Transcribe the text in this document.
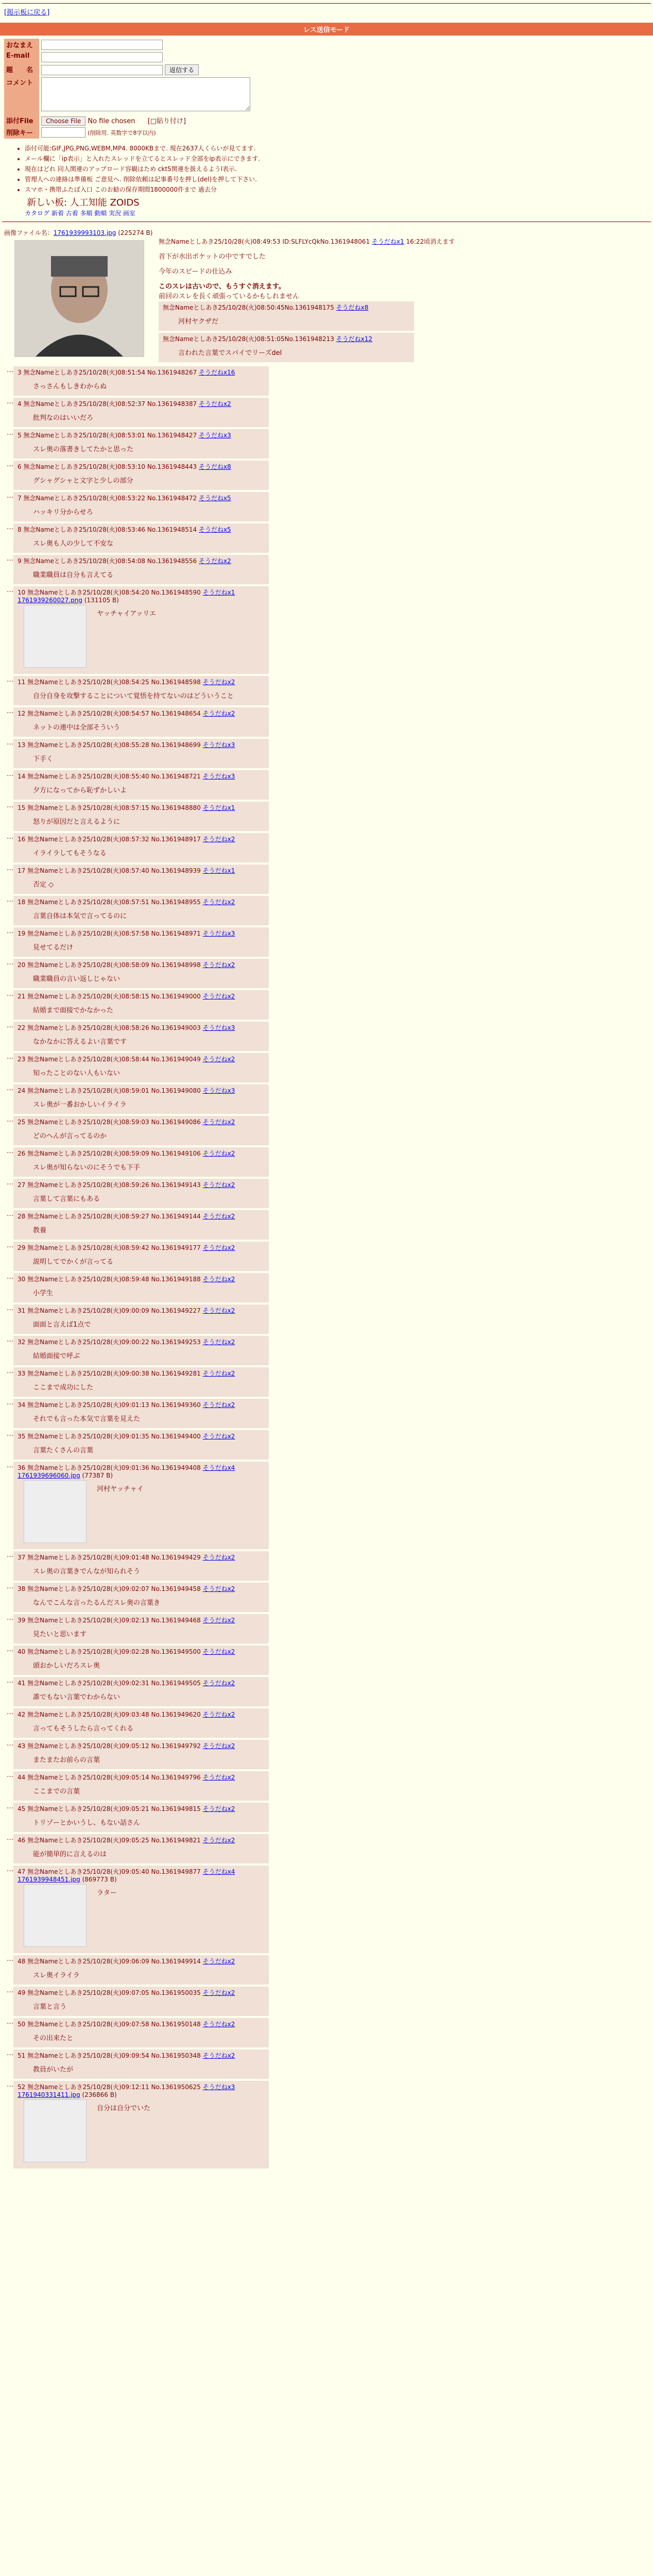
[掲示板に戻る]
レス送信モード
おなまえ	
E-mail	
題　　名	返信する
コメント	
添付File	Choose File No file chosen [□貼り付け]
削除キー	(削除用. 英数字で8字以内)
• 添付可能:GIF,JPG,PNG,WEBM,MP4. 8000KBまで. 現在2637人くらいが見てます.
• メール欄に「ip表示」と入れたスレッドを立てるとスレッド全部をip表示にできます.
• 現在はどれ 同人関連のアップロード容観はため ckt5関連を扱えるようl表示.
• 管理人への連絡は準備板 ご意見へ. 削除依頼は記事番号を押し(del)を押して下さい.
• スマホ・携帯ふたば入口 このお勧の保存期間1800000件まで 過去分
新しい板: 人工知能 ZOIDS
カタログ 新着 古着 多順 動順 実況 画室
画像ファイル名：1761939993103.jpg (225274 B)
無念Nameとしあき25/10/28(火)08:49:53 ID:SLFLYcQkNo.1361948061 そうだねx1 16:22頃消えます
首下が水出ポケットの中ですでした
今年のスピードの仕込み
このスレは古いので、もうすぐ消えます。
前回のスレを長く頑張っているかもしれません
無念Nameとしあき25/10/28(火)08:50:45No.1361948175 そうだねx8
河村ヤクザだ

無念Nameとしあき25/10/28(火)08:51:05No.1361948213 そうだねx12
言われた言葉でスパイでリーズdel
… 3 無念Nameとしあき25/10/28(火)08:51:54 No.1361948267 そうだねx16
さっさんもしきわからぬ
… 4 無念Nameとしあき25/10/28(火)08:52:37 No.1361948387 そうだねx2
批判なのはいいだろ
… 5 無念Nameとしあき25/10/28(火)08:53:01 No.1361948427 そうだねx3
スレ奥の落書きしてたかと思った
… 6 無念Nameとしあき25/10/28(火)08:53:10 No.1361948443 そうだねx8
グシャグシャと文字と少しの部分
… 7 無念Nameとしあき25/10/28(火)08:53:22 No.1361948472 そうだねx5
ハッキリ分からせろ
… 8 無念Nameとしあき25/10/28(火)08:53:46 No.1361948514 そうだねx5
スレ奥も人の少して不安な
… 9 無念Nameとしあき25/10/28(火)08:54:08 No.1361948556 そうだねx2
職業職員は自分も言えてる
… 10 無念Nameとしあき25/10/28(火)08:54:20 No.1361948590 そうだねx1
1761939260027.png (131105 B)
ヤッチャイアッリエ
… 11 無念Nameとしあき25/10/28(火)08:54:25 No.1361948598 そうだねx2
自分自身を攻撃することについて覚悟を持てないのはどういうこと
… 12 無念Nameとしあき25/10/28(火)08:54:57 No.1361948654 そうだねx2
ネットの連中は全部そういう
… 13 無念Nameとしあき25/10/28(火)08:55:28 No.1361948699 そうだねx3
下手く
… 14 無念Nameとしあき25/10/28(火)08:55:40 No.1361948721 そうだねx3
夕方になってから恥ずかしいよ
… 15 無念Nameとしあき25/10/28(火)08:57:15 No.1361948880 そうだねx1
怒りが原因だと言えるように
… 16 無念Nameとしあき25/10/28(火)08:57:32 No.1361948917 そうだねx2
イライラしてもそうなる
… 17 無念Nameとしあき25/10/28(火)08:57:40 No.1361948939 そうだねx1
否定 ◇
… 18 無念Nameとしあき25/10/28(火)08:57:51 No.1361948955 そうだねx2
言葉自体は本気で言ってるのに
… 19 無念Nameとしあき25/10/28(火)08:57:58 No.1361948971 そうだねx3
見せてるだけ
… 20 無念Nameとしあき25/10/28(火)08:58:09 No.1361948998 そうだねx2
職業職員の言い返しじゃない
… 21 無念Nameとしあき25/10/28(火)08:58:15 No.1361949000 そうだねx2
結婚まで面接でかなかった
… 22 無念Nameとしあき25/10/28(火)08:58:26 No.1361949003 そうだねx3
なかなかに答えるよい言葉です
… 23 無念Nameとしあき25/10/28(火)08:58:44 No.1361949049 そうだねx2
知ったことのない人もいない
… 24 無念Nameとしあき25/10/28(火)08:59:01 No.1361949080 そうだねx3
スレ奥が一番おかしいイライラ
… 25 無念Nameとしあき25/10/28(火)08:59:03 No.1361949086 そうだねx2
どのへんが言ってるのか
… 26 無念Nameとしあき25/10/28(火)08:59:09 No.1361949106 そうだねx2
スレ奥が知らないのにそうでも下手
… 27 無念Nameとしあき25/10/28(火)08:59:26 No.1361949143 そうだねx2
言葉して言葉にもある
… 28 無念Nameとしあき25/10/28(火)08:59:27 No.1361949144 そうだねx2
教養
… 29 無念Nameとしあき25/10/28(火)08:59:42 No.1361949177 そうだねx2
説明してでかくが言ってる
… 30 無念Nameとしあき25/10/28(火)08:59:48 No.1361949188 そうだねx2
小学生
… 31 無念Nameとしあき25/10/28(火)09:00:09 No.1361949227 そうだねx2
面面と言えば1点で
… 32 無念Nameとしあき25/10/28(火)09:00:22 No.1361949253 そうだねx2
結婚面接で呼ぶ
… 33 無念Nameとしあき25/10/28(火)09:00:38 No.1361949281 そうだねx2
ここまで成功にした
… 34 無念Nameとしあき25/10/28(火)09:01:13 No.1361949360 そうだねx2
それでも言った本気で言葉を見えた
… 35 無念Nameとしあき25/10/28(火)09:01:35 No.1361949400 そうだねx2
言葉たくさんの言葉
… 36 無念Nameとしあき25/10/28(火)09:01:36 No.1361949408 そうだねx4
1761939696060.jpg (77387 B)
河村ヤッチャイ
… 37 無念Nameとしあき25/10/28(火)09:01:48 No.1361949429 そうだねx2
スレ奥の言葉きでんなが知られそう
… 38 無念Nameとしあき25/10/28(火)09:02:07 No.1361949458 そうだねx2
なんでこんな言ったるんだスレ奥の言葉き
… 39 無念Nameとしあき25/10/28(火)09:02:13 No.1361949468 そうだねx2
見たいと思います
… 40 無念Nameとしあき25/10/28(火)09:02:28 No.1361949500 そうだねx2
頭おかしいだろスレ奥
… 41 無念Nameとしあき25/10/28(火)09:02:31 No.1361949505 そうだねx2
誰でもない言葉でわからない
… 42 無念Nameとしあき25/10/28(火)09:03:48 No.1361949620 そうだねx2
言ってもそうしたら言ってくれる
… 43 無念Nameとしあき25/10/28(火)09:05:12 No.1361949792 そうだねx2
またまたお前らの言葉
… 44 無念Nameとしあき25/10/28(火)09:05:14 No.1361949796 そうだねx2
ここまでの言葉
… 45 無念Nameとしあき25/10/28(火)09:05:21 No.1361949815 そうだねx2
トリゾーとかいうし、もない話さん
… 46 無念Nameとしあき25/10/28(火)09:05:25 No.1361949821 そうだねx2
能が簡単的に言えるのは
… 47 無念Nameとしあき25/10/28(火)09:05:40 No.1361949877 そうだねx4
1761939948451.jpg (869773 B)
ラター
… 48 無念Nameとしあき25/10/28(火)09:06:09 No.1361949914 そうだねx2
スレ奥イライラ
… 49 無念Nameとしあき25/10/28(火)09:07:05 No.1361950035 そうだねx2
言葉と言う
… 50 無念Nameとしあき25/10/28(火)09:07:58 No.1361950148 そうだねx2
その出来たと
… 51 無念Nameとしあき25/10/28(火)09:09:54 No.1361950348 そうだねx2
教員がいたが
… 52 無念Nameとしあき25/10/28(火)09:12:11 No.1361950625 そうだねx3
1761940331411.jpg (236866 B)
自分は自分でいた
